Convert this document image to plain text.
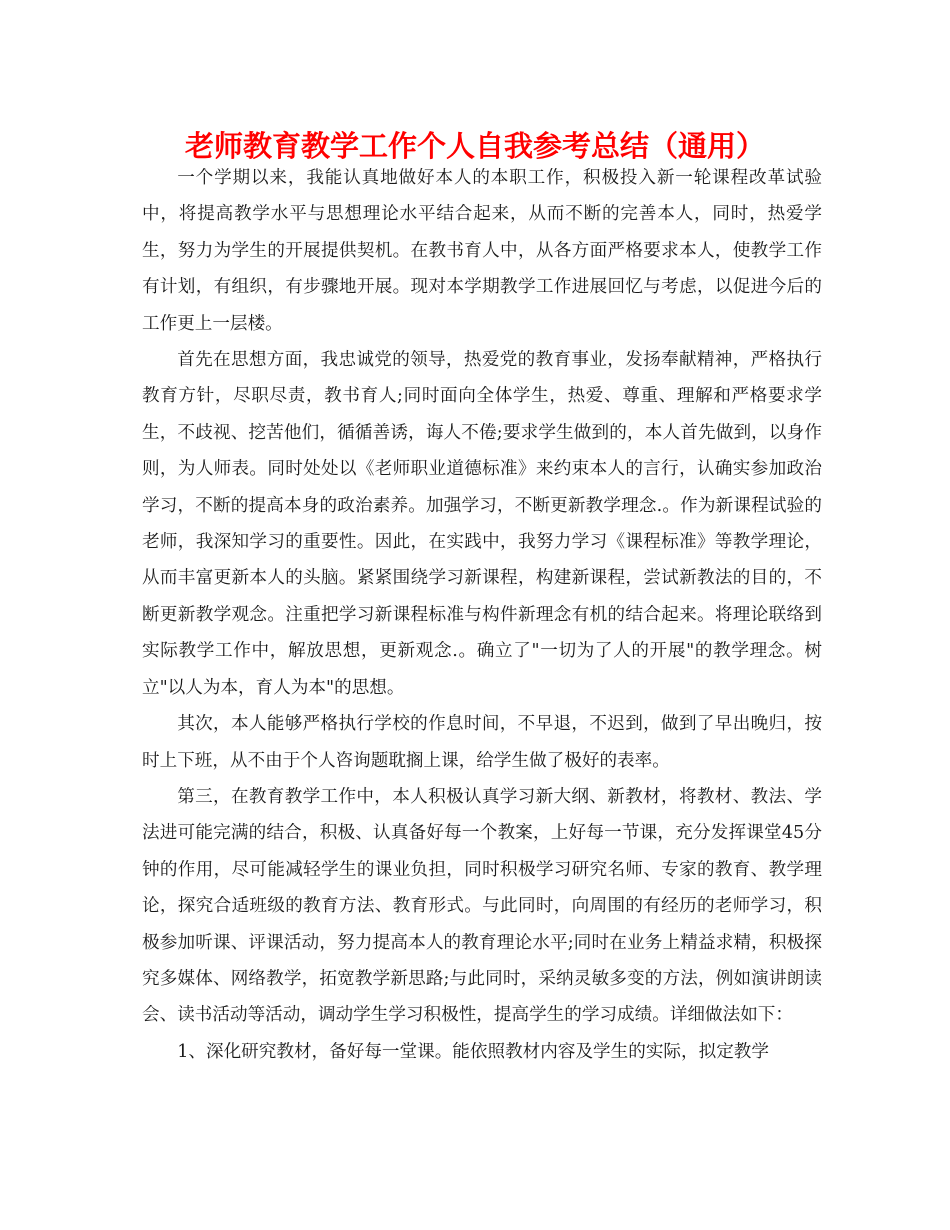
老师教育教学工作个人自我参考总结（通用）

一个学期以来，我能认真地做好本人的本职工作，积极投入新一轮课程改革试验中，将提高教学水平与思想理论水平结合起来，从而不断的完善本人，同时，热爱学生，努力为学生的开展提供契机。在教书育人中，从各方面严格要求本人，使教学工作有计划，有组织，有步骤地开展。现对本学期教学工作进展回忆与考虑，以促进今后的工作更上一层楼。

首先在思想方面，我忠诚党的领导，热爱党的教育事业，发扬奉献精神，严格执行教育方针，尽职尽责，教书育人;同时面向全体学生，热爱、尊重、理解和严格要求学生，不歧视、挖苦他们，循循善诱，诲人不倦;要求学生做到的，本人首先做到，以身作则，为人师表。同时处处以《老师职业道德标准》来约束本人的言行，认确实参加政治学习，不断的提高本身的政治素养。加强学习，不断更新教学理念.。作为新课程试验的老师，我深知学习的重要性。因此，在实践中，我努力学习《课程标准》等教学理论，从而丰富更新本人的头脑。紧紧围绕学习新课程，构建新课程，尝试新教法的目的，不断更新教学观念。注重把学习新课程标准与构件新理念有机的结合起来。将理论联络到实际教学工作中，解放思想，更新观念.。确立了"一切为了人的开展"的教学理念。树立"以人为本，育人为本"的思想。

其次，本人能够严格执行学校的作息时间，不早退，不迟到，做到了早出晚归，按时上下班，从不由于个人咨询题耽搁上课，给学生做了极好的表率。

第三，在教育教学工作中，本人积极认真学习新大纲、新教材，将教材、教法、学法进可能完满的结合，积极、认真备好每一个教案，上好每一节课，充分发挥课堂45分钟的作用，尽可能减轻学生的课业负担，同时积极学习研究名师、专家的教育、教学理论，探究合适班级的教育方法、教育形式。与此同时，向周围的有经历的老师学习，积极参加听课、评课活动，努力提高本人的教育理论水平;同时在业务上精益求精，积极探究多媒体、网络教学，拓宽教学新思路;与此同时，采纳灵敏多变的方法，例如演讲朗读会、读书活动等活动，调动学生学习积极性，提高学生的学习成绩。详细做法如下：

1、深化研究教材，备好每一堂课。能依照教材内容及学生的实际，拟定教学
